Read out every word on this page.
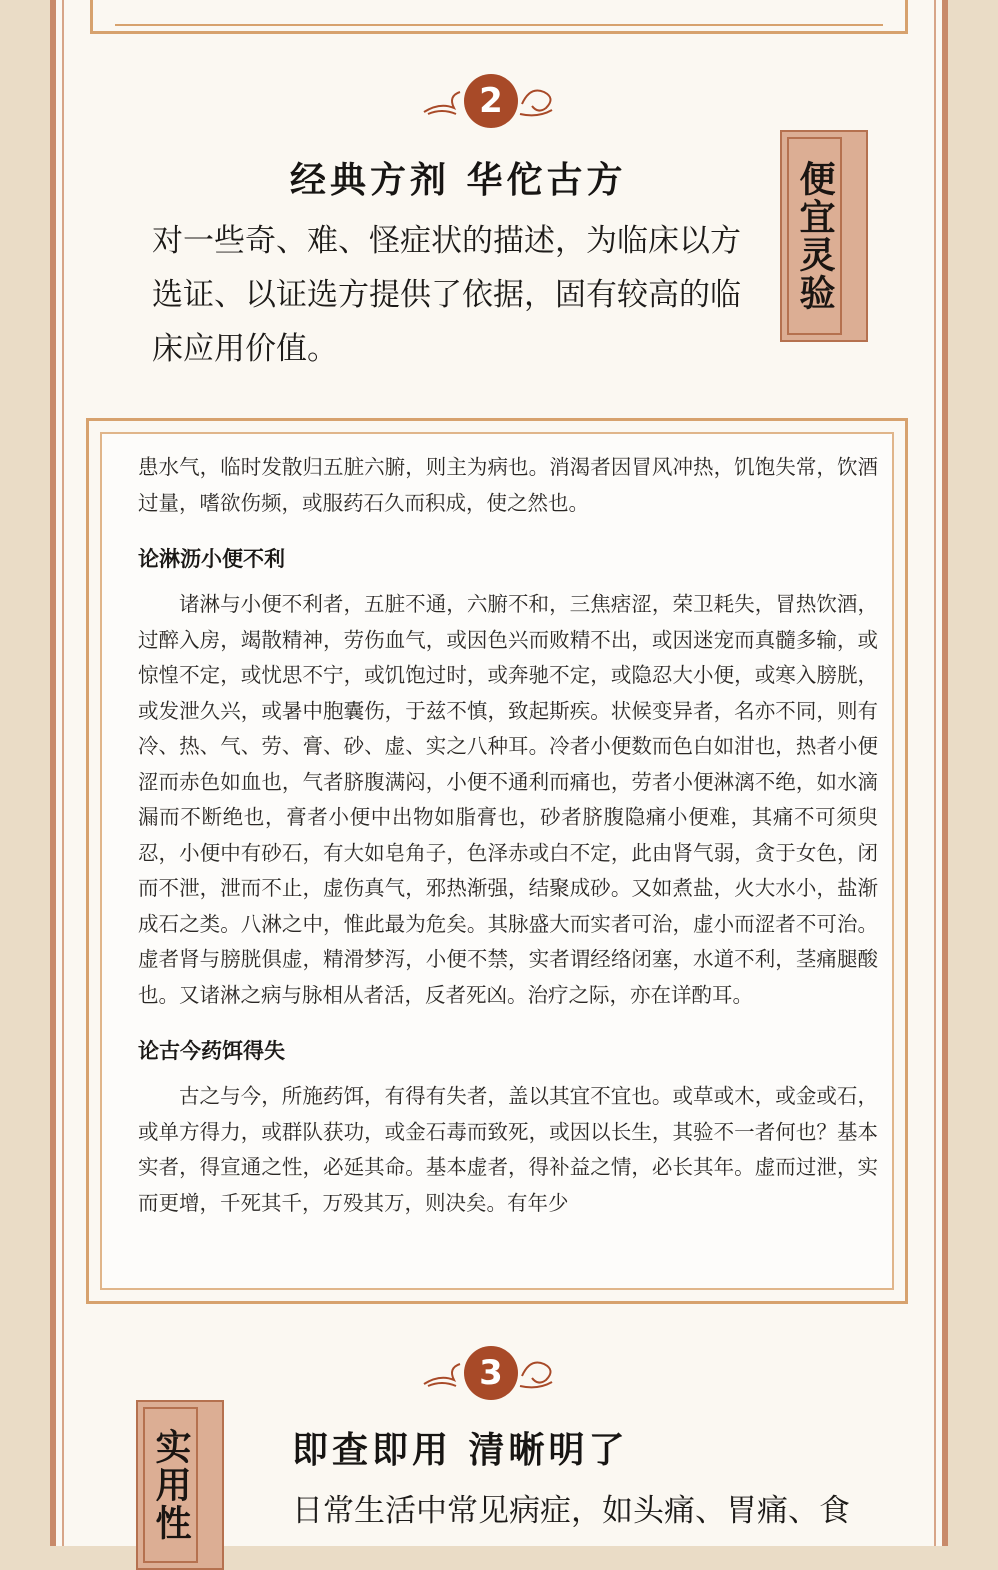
2
经典方剂 华佗古方
对一些奇、难、怪症状的描述，为临床以方选证、以证选方提供了依据，固有较高的临床应用价值。
便宜灵验

患水气，临时发散归五脏六腑，则主为病也。消渴者因冒风冲热，饥饱失常，饮酒过量，嗜欲伤频，或服药石久而积成，使之然也。

论淋沥小便不利

诸淋与小便不利者，五脏不通，六腑不和，三焦痞涩，荣卫耗失，冒热饮酒，过醉入房，竭散精神，劳伤血气，或因色兴而败精不出，或因迷宠而真髓多输，或惊惶不定，或忧思不宁，或饥饱过时，或奔驰不定，或隐忍大小便，或寒入膀胱，或发泄久兴，或暑中胞囊伤，于兹不慎，致起斯疾。状候变异者，名亦不同，则有冷、热、气、劳、膏、砂、虚、实之八种耳。冷者小便数而色白如泔也，热者小便涩而赤色如血也，气者脐腹满闷，小便不通利而痛也，劳者小便淋漓不绝，如水滴漏而不断绝也，膏者小便中出物如脂膏也，砂者脐腹隐痛小便难，其痛不可须臾忍，小便中有砂石，有大如皂角子，色泽赤或白不定，此由肾气弱，贪于女色，闭而不泄，泄而不止，虚伤真气，邪热渐强，结聚成砂。又如煮盐，火大水小，盐渐成石之类。八淋之中，惟此最为危矣。其脉盛大而实者可治，虚小而涩者不可治。虚者肾与膀胱俱虚，精滑梦泻，小便不禁，实者谓经络闭塞，水道不利，茎痛腿酸也。又诸淋之病与脉相从者活，反者死凶。治疗之际，亦在详酌耳。

论古今药饵得失

古之与今，所施药饵，有得有失者，盖以其宜不宜也。或草或木，或金或石，或单方得力，或群队获功，或金石毒而致死，或因以长生，其验不一者何也？基本实者，得宣通之性，必延其命。基本虚者，得补益之情，必长其年。虚而过泄，实而更增，千死其千，万殁其万，则决矣。有年少

3
实用性	即查即用 清晰明了
日常生活中常见病症，如头痛、胃痛、食
